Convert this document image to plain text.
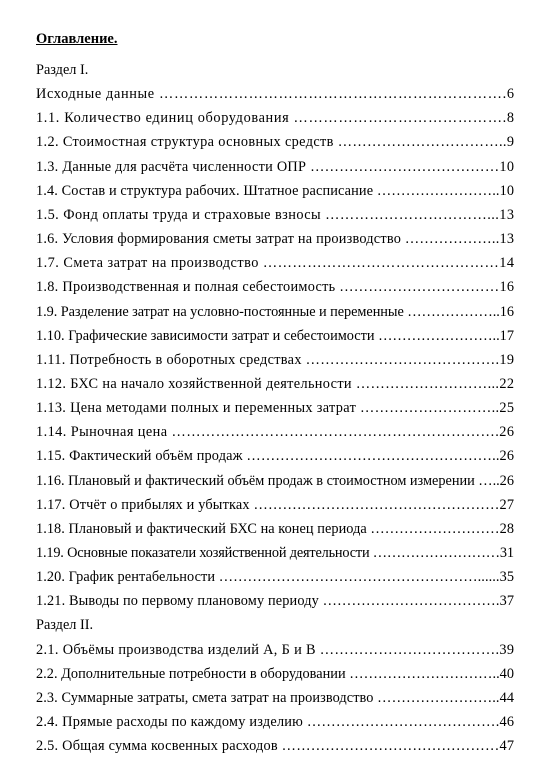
Оглавление.
Раздел I.
Исходные данные …………………………………………………………….6
1.1. Количество единиц оборудования …………………………………….8
1.2. Стоимостная структура основных средств ……………………………..9
1.3. Данные для расчёта численности ОПР …………………………………10
1.4. Состав и структура рабочих. Штатное расписание ……………………..10
1.5. Фонд оплаты труда и страховые взносы ……………………………...13
1.6. Условия формирования сметы затрат на производство ………………..13
1.7. Смета затрат на производство …………………………………………14
1.8. Производственная и полная себестоимость ……………………………16
1.9. Разделение затрат на условно-постоянные и переменные ………………..16
1.10. Графические зависимости затрат и себестоимости ……………………..17
1.11. Потребность в оборотных средствах ………………………………….19
1.12. БХС на начало хозяйственной деятельности ………………………...22
1.13. Цена методами полных и переменных затрат ………………………..25
1.14. Рыночная цена ………………………………………………………….26
1.15. Фактический объём продаж ……………………………………………..26
1.16. Плановый и фактический объём продаж в стоимостном измерении …..26
1.17. Отчёт о прибылях и убытках ……………………………………………27
1.18. Плановый и фактический БХС на конец периода ………………………28
1.19. Основные показатели хозяйственной деятельности ………………………31
1.20. График рентабельности ………………………………………………......35
1.21. Выводы по первому плановому периоду ……………………………….37
Раздел II.
2.1. Объёмы производства изделий А, Б и В ……………………………….39
2.2. Дополнительные потребности в оборудовании …………………………..40
2.3. Суммарные затраты, смета затрат на производство ……………………..44
2.4. Прямые расходы по каждому изделию ………………………………….46
2.5. Общая сумма косвенных расходов ………………………………………47
